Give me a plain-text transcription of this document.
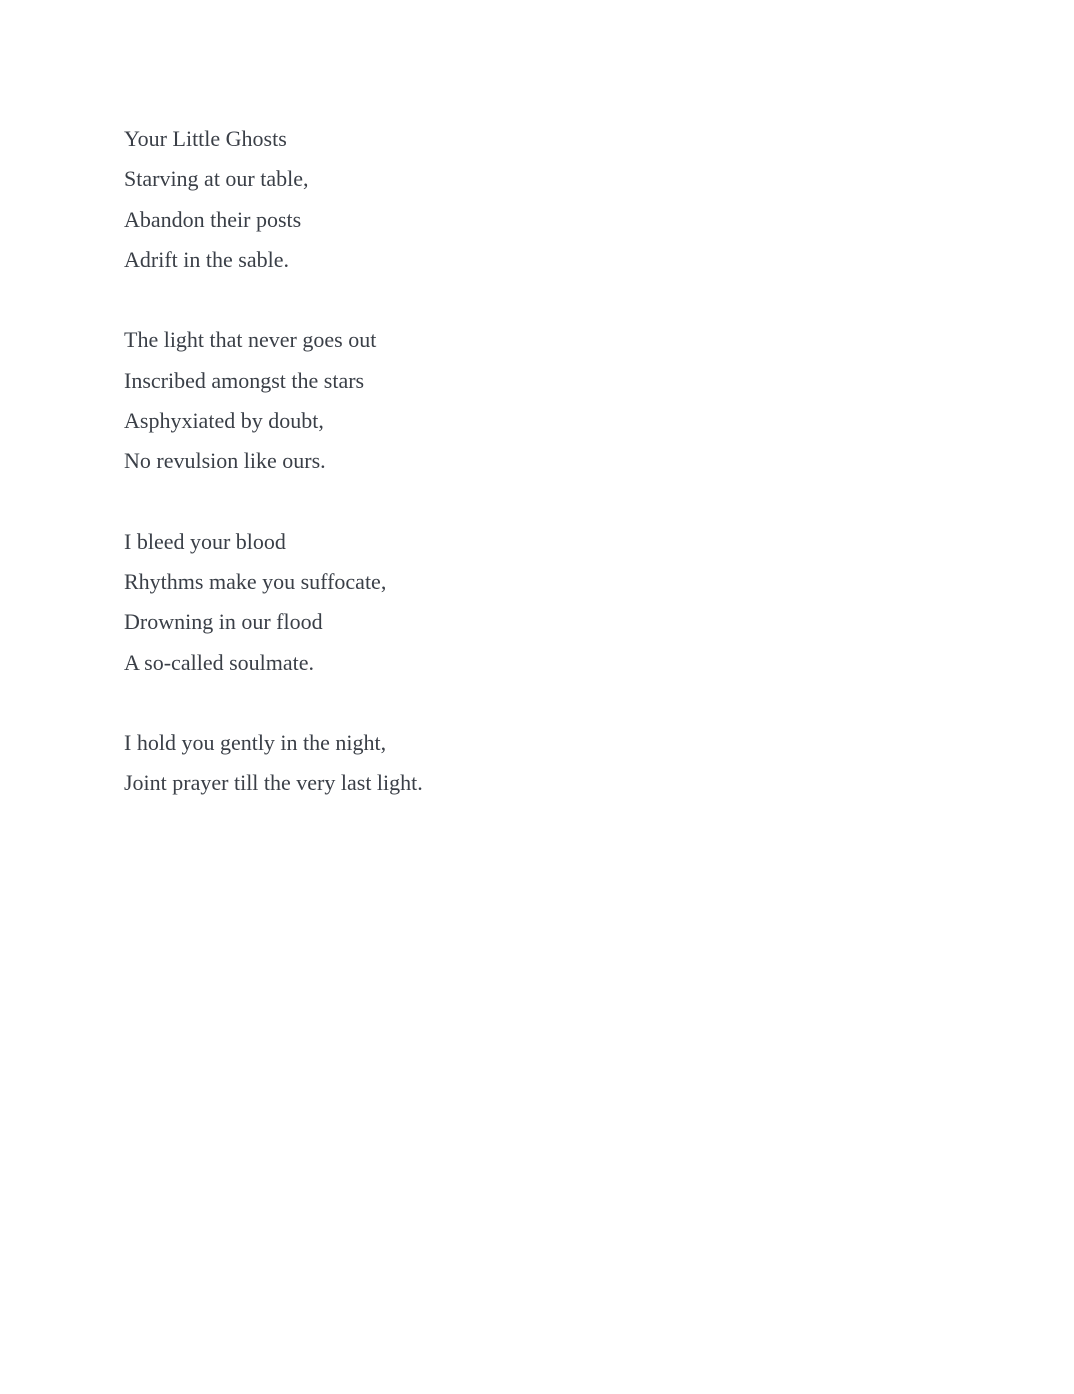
Your Little Ghosts
Starving at our table,
Abandon their posts
Adrift in the sable.
The light that never goes out
Inscribed amongst the stars
Asphyxiated by doubt,
No revulsion like ours.
I bleed your blood
Rhythms make you suffocate,
Drowning in our flood
A so-called soulmate.
I hold you gently in the night,
Joint prayer till the very last light.
